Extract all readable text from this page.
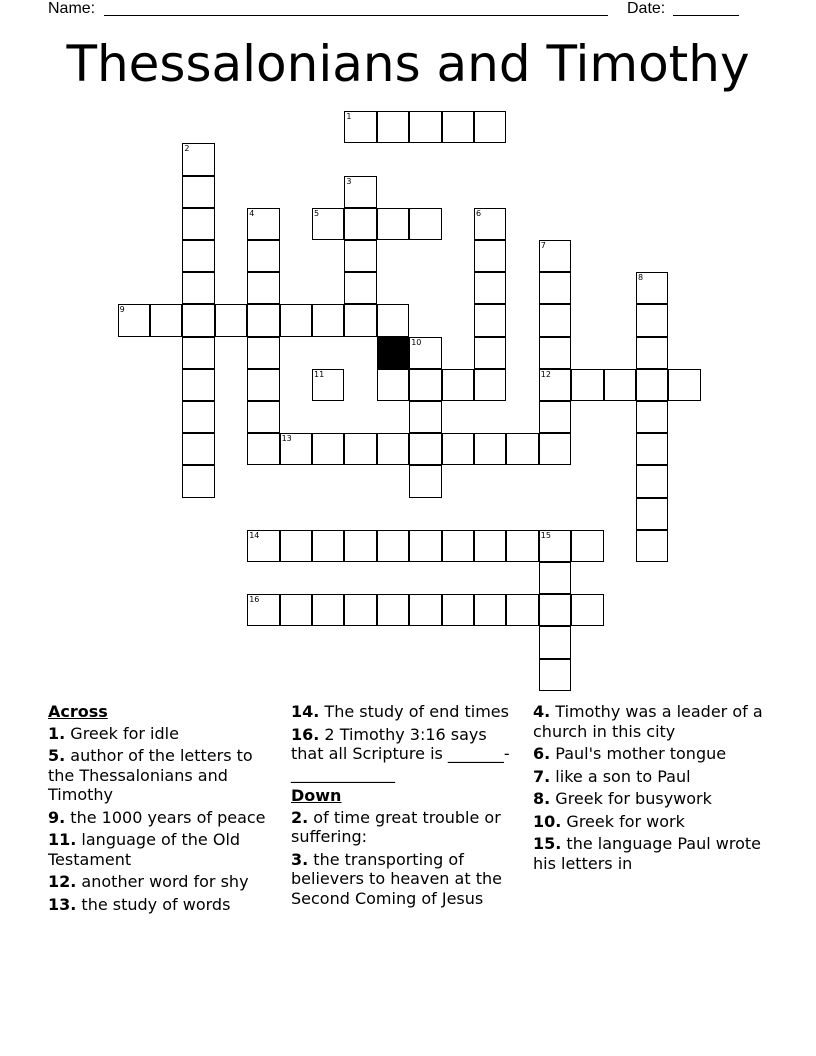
Name:	Date:
Thessalonians and Timothy
1
2
3
4	5	6
7
12
8
9
10
11
13
14	15
16
Across
1. Greek for idle
5. author of the letters to the Thessalonians and Timothy
9. the 1000 years of peace
11. language of the Old Testament
12. another word for shy
13. the study of words
14. The study of end times
16. 2 Timothy 3:16 says that all Scripture is _______-_____________
Down
2. of time great trouble or suffering:
3. the transporting of believers to heaven at the Second Coming of Jesus
4. Timothy was a leader of a church in this city
6. Paul's mother tongue
7. like a son to Paul
8. Greek for busywork
10. Greek for work
15. the language Paul wrote his letters in
